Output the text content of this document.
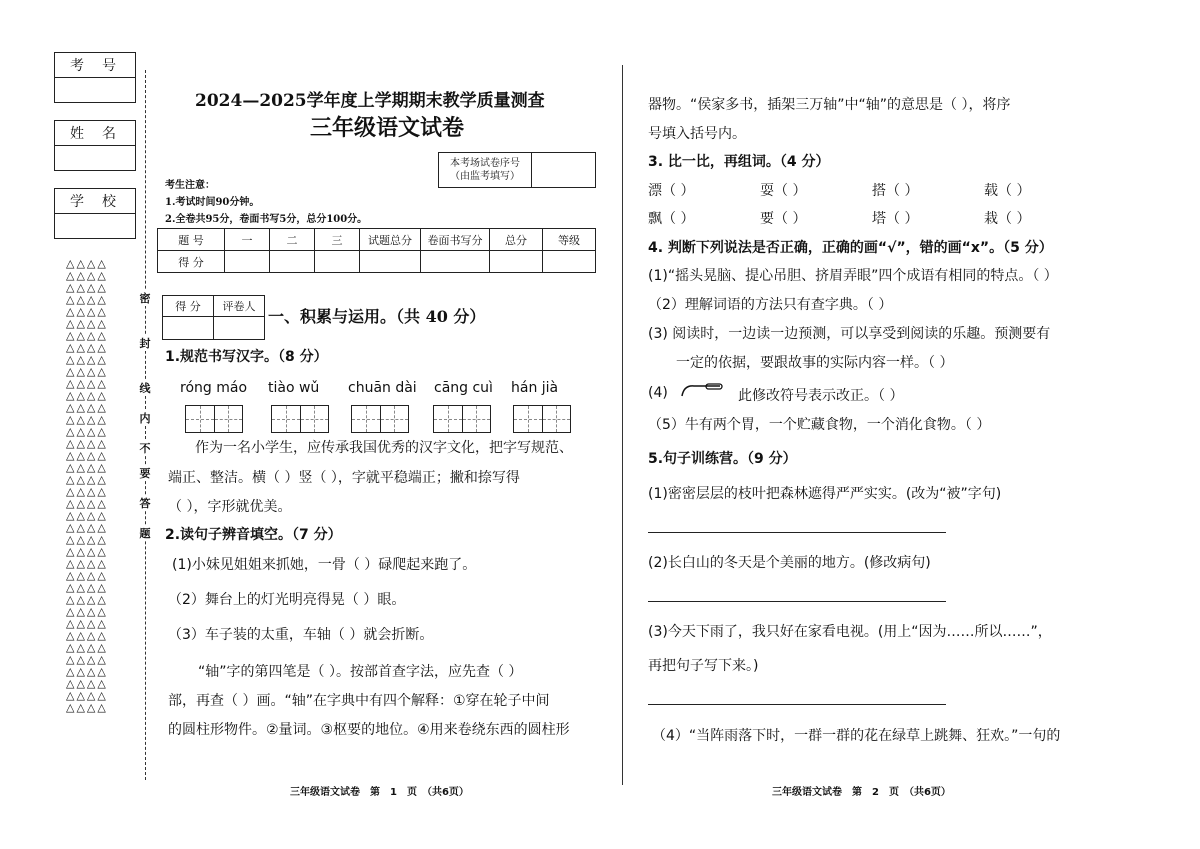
考号
姓名
学校
△△△△
△△△△
△△△△
△△△△
△△△△
△△△△
△△△△
△△△△
△△△△
△△△△
△△△△
△△△△
△△△△
△△△△
△△△△
△△△△
△△△△
△△△△
△△△△
△△△△
△△△△
△△△△
△△△△
△△△△
△△△△
△△△△
△△△△
△△△△
△△△△
△△△△
△△△△
△△△△
△△△△
△△△△
△△△△
△△△△
△△△△
△△△△
密
封
线
内
不
要
答
题
2024—2025学年度上学期期末教学质量测查
三年级语文试卷
本考场试卷序号
（由监考填写）
考生注意：
1.考试时间90分钟。
2.全卷共95分，卷面书写5分，总分100分。
题 号	一	二	三	试题总分	卷面书写分	总分	等级
得 分							
得 分	评卷人

一、积累与运用。（共 40 分）
1.规范书写汉字。（8 分）
róng máo tiào wǔ chuān dài cāng cuì hán jià
作为一名小学生，应传承我国优秀的汉字文化，把字写规范、
端正、整洁。横（ ）竖（ ），字就平稳端正；撇和捺写得
（ ），字形就优美。
2.读句子辨音填空。（7 分）
(1)小妹见姐姐来抓她，一骨（ ）碌爬起来跑了。
（2）舞台上的灯光明亮得晃（ ）眼。
（3）车子装的太重，车轴（ ）就会折断。
“轴”字的第四笔是（ ）。按部首查字法，应先查（ ）
部，再查（ ）画。“轴”在字典中有四个解释：①穿在轮子中间
的圆柱形物件。②量词。③枢要的地位。④用来卷绕东西的圆柱形
三年级语文试卷　第　1　页　（共6页）
器物。“侯家多书，插架三万轴”中“轴”的意思是（ ），将序
号填入括号内。
3. 比一比，再组词。（4 分）
漂（ ）	耍（ ）	搭（ ）	载（ ）
飘（ ）	要（ ）	塔（ ）	栽（ ）
4. 判断下列说法是否正确，正确的画“√”，错的画“x”。（5 分）
(1)“摇头晃脑、提心吊胆、挤眉弄眼”四个成语有相同的特点。（ ）
（2）理解词语的方法只有查字典。（ ）
(3) 阅读时，一边读一边预测，可以享受到阅读的乐趣。预测要有
一定的依据，要跟故事的实际内容一样。（ ）
(4)	此修改符号表示改正。（ ）
（5）牛有两个胃，一个贮藏食物，一个消化食物。（ ）
5.句子训练营。（9 分）
(1)密密层层的枝叶把森林遮得严严实实。(改为“被”字句)
(2)长白山的冬天是个美丽的地方。(修改病句)
(3)今天下雨了，我只好在家看电视。(用上“因为……所以……”，
再把句子写下来。)
（4）“当阵雨落下时，一群一群的花在绿草上跳舞、狂欢。”一句的
三年级语文试卷　第　2　页　（共6页）
